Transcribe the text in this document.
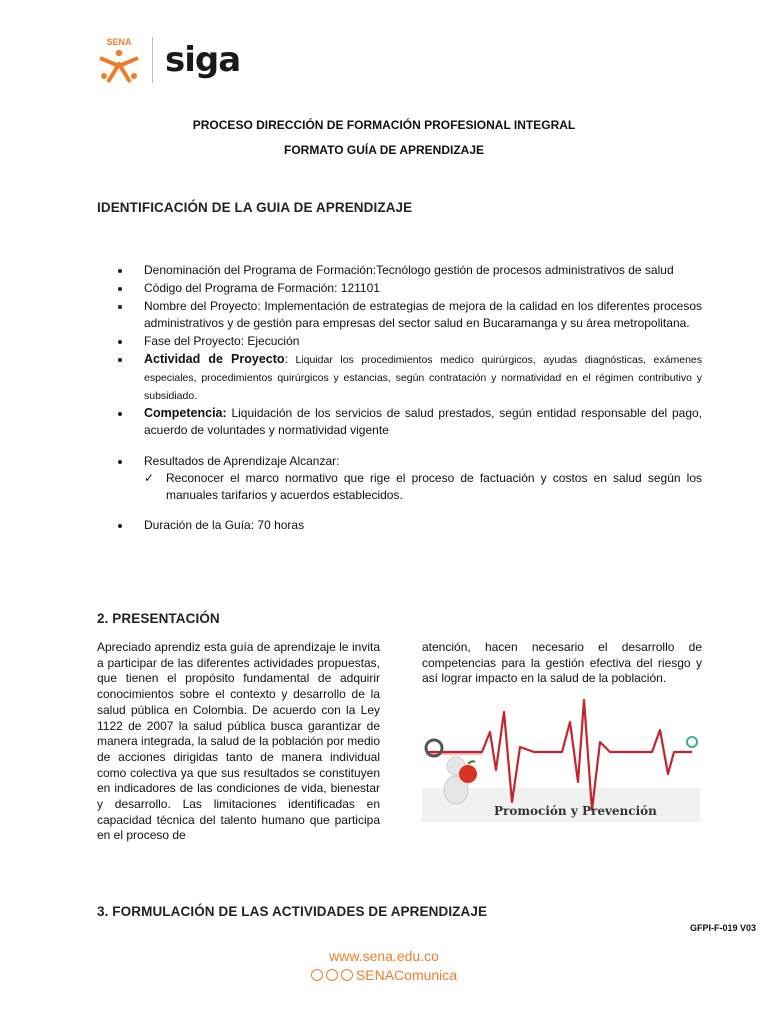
SENA siga
PROCESO DIRECCIÓN DE FORMACIÓN PROFESIONAL INTEGRAL
FORMATO GUÍA DE APRENDIZAJE
IDENTIFICACIÓN DE LA GUIA DE APRENDIZAJE
Denominación del Programa de Formación:Tecnólogo gestión de procesos administrativos de salud
Código del Programa de Formación: 121101
Nombre del Proyecto: Implementación de estrategias de mejora de la calidad en los diferentes procesos administrativos y de gestión para empresas del sector salud en Bucaramanga y su área metropolitana.
Fase del Proyecto: Ejecución
Actividad de Proyecto: Liquidar los procedimientos medico quirúrgicos, ayudas diagnósticas, exámenes especiales, procedimientos quirúrgicos y estancias, según contratación y normatividad en el régimen contributivo y subsidiado.
Competencia: Liquidación de los servicios de salud prestados, según entidad responsable del pago, acuerdo de voluntades y normatividad vigente
Resultados de Aprendizaje Alcanzar:
✓ Reconocer el marco normativo que rige el proceso de factuación y costos en salud según los manuales tarifarios y acuerdos establecidos.
Duración de la Guía: 70 horas
2. PRESENTACIÓN
Apreciado aprendiz esta guía de aprendizaje le invita a participar de las diferentes actividades propuestas, que tienen el propósito fundamental de adquirir conocimientos sobre el contexto y desarrollo de la salud pública en Colombia. De acuerdo con la Ley 1122 de 2007 la salud pública busca garantizar de manera integrada, la salud de la población por medio de acciones dirigidas tanto de manera individual como colectiva ya que sus resultados se constituyen en indicadores de las condiciones de vida, bienestar y desarrollo. Las limitaciones identificadas en capacidad técnica del talento humano que participa en el proceso de
atención, hacen necesario el desarrollo de competencias para la gestión efectiva del riesgo y así lograr impacto en la salud de la población.
Promoción y Prevención
3. FORMULACIÓN DE LAS ACTIVIDADES DE APRENDIZAJE
GFPI-F-019 V03
www.sena.edu.co
SENAComunica
